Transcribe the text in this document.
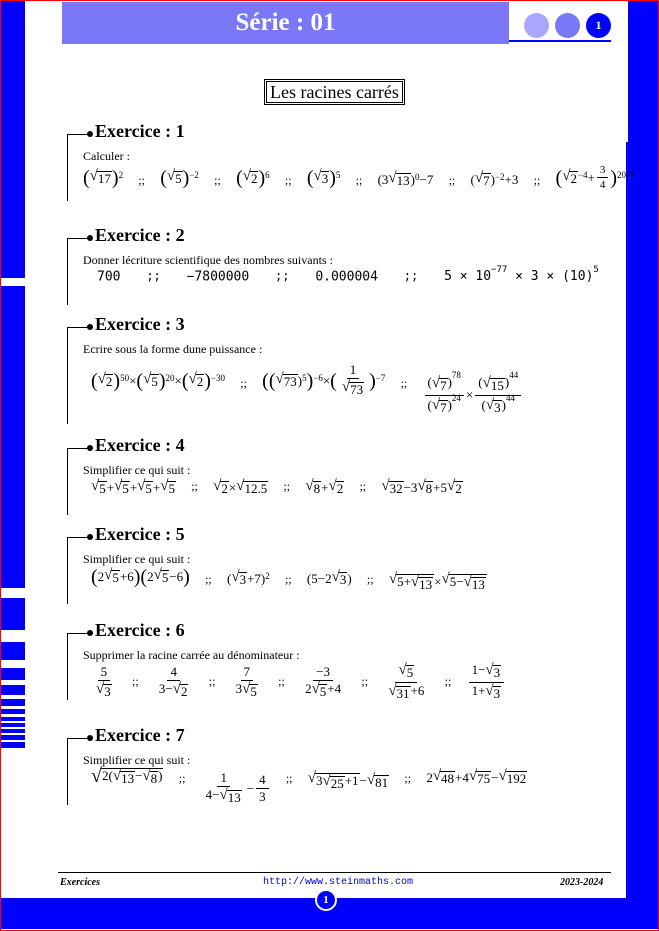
Série : 01	1
Les racines carrés
Exercice : 1
Calculer :
( √ 17 ) 2 ;; ( √ 5 ) −2 ;; ( √ 2 ) 6 ;; ( √ 3 ) 5 ;; (3 √ 13 ) 0 −7 ;; ( √ 7 ) −2 +3 ;; ( √ $2 -4 + \frac{3}{4}$ ) 2022
Exercice : 2
Donner lécriture scientifique des nombres suivants :
700 ;; −7800000 ;; 0.000004 ;; $5 \times 10^{-77} \times 3 \times (10)^5$
Exercice : 3
Ecrire sous la forme dune puissance :
( √ 2 ) 50 × ( √ 5 ) 20 × ( √ 2 ) −30 ;; (( √ 73 ) 5 ) −6 × ( $\frac{1}{√ 73}$ ) −7 ;; $\frac{( √ 7 )^{78}}{( √ 7 )^{24}} \times \frac{( √ 15 )^{44}}{( √ 3 )^{44}}$
Exercice : 4
Simplifier ce qui suit :
√ 5 + √ 5 + √ 5 + √ 5 ;; √ 2 × √ 12.5 ;; √ 8 + √ 2 ;; √ 32 −3 √ 8 +5 √ 2
Exercice : 5
Simplifier ce qui suit :
( 2 √ 5 +6 )( 2 √ 5 −6 ) ;; ( √ 3 +7) 2 ;; (5−2 √ 3 ) ;; √ 5+ √ 13 × √ 5− √ 13
Exercice : 6
Supprimer la racine carrée au dénominateur :
$\frac{5}{√ 3}$ ;; $\frac{4}{3- √ 2}$ ;; $\frac{7}{3 √ 5}$ ;; $\frac{-3}{2 √ 5 +4}$ ;; $\frac{√ 5}{√ 31 +6}$ ;; $\frac{1- √ 3}{1+ √ 3}$
Exercice : 7
Simplifier ce qui suit :
√ 2( √ 13 − √ 8 ) ;; $\frac{1}{4- √ 13} - \frac{4}{3}$ ;; √ 3 √ 25 +1 − √ 81 ;; 2 √ 48 +4 √ 75 − √ 192
Exercices	http://www.steinmaths.com	2023-2024
1
